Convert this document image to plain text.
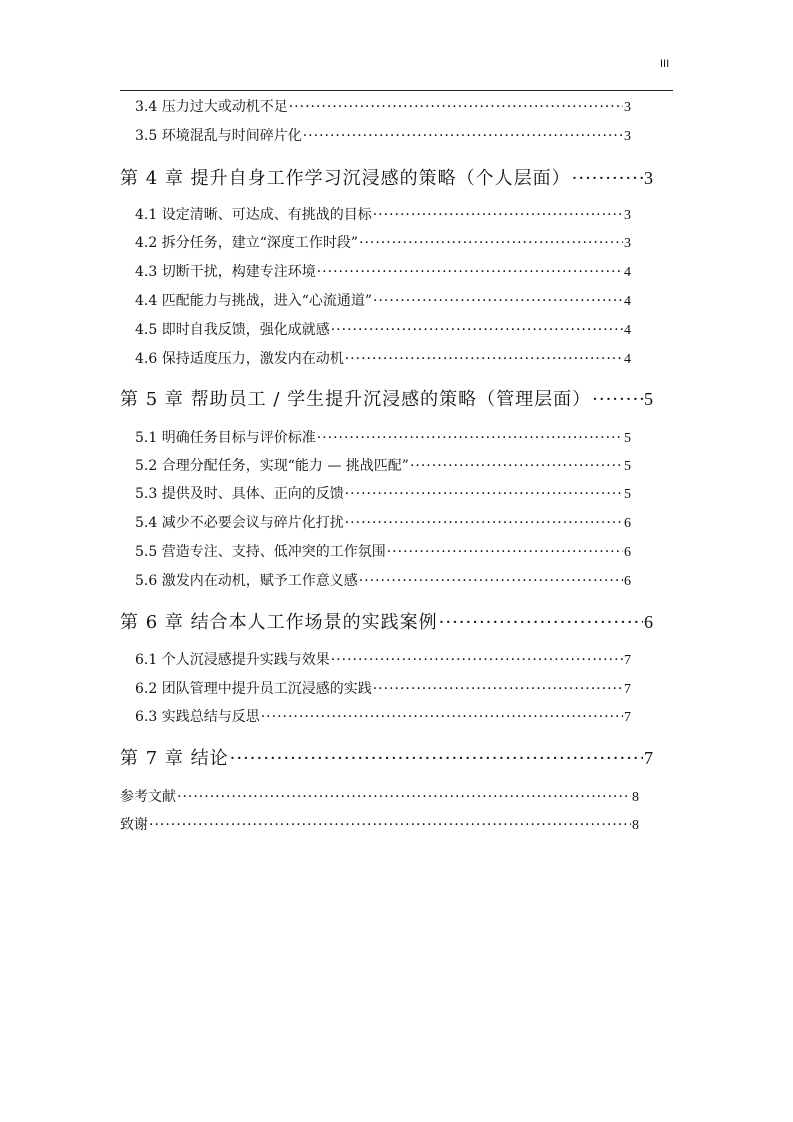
III
3.4 压力过大或动机不足 ·····	3
3.5 环境混乱与时间碎片化 ·····	3
第 4 章 提升自身工作学习沉浸感的策略（个人层面） ·····	3
4.1 设定清晰、可达成、有挑战的目标 ·····	3
4.2 拆分任务，建立“深度工作时段” ·····	3
4.3 切断干扰，构建专注环境 ·····	4
4.4 匹配能力与挑战，进入“心流通道” ·····	4
4.5 即时自我反馈，强化成就感 ·····	4
4.6 保持适度压力，激发内在动机 ·····	4
第 5 章 帮助员工 / 学生提升沉浸感的策略（管理层面） ·····	5
5.1 明确任务目标与评价标准 ·····	5
5.2 合理分配任务，实现“能力 — 挑战匹配” ·····	5
5.3 提供及时、具体、正向的反馈 ·····	5
5.4 减少不必要会议与碎片化打扰 ·····	6
5.5 营造专注、支持、低冲突的工作氛围 ·····	6
5.6 激发内在动机，赋予工作意义感 ·····	6
第 6 章 结合本人工作场景的实践案例 ·····	6
6.1 个人沉浸感提升实践与效果 ·····	7
6.2 团队管理中提升员工沉浸感的实践 ·····	7
6.3 实践总结与反思 ·····	7
第 7 章 结论 ·····	7
参考文献 ·····	8
致谢 ·····	8
